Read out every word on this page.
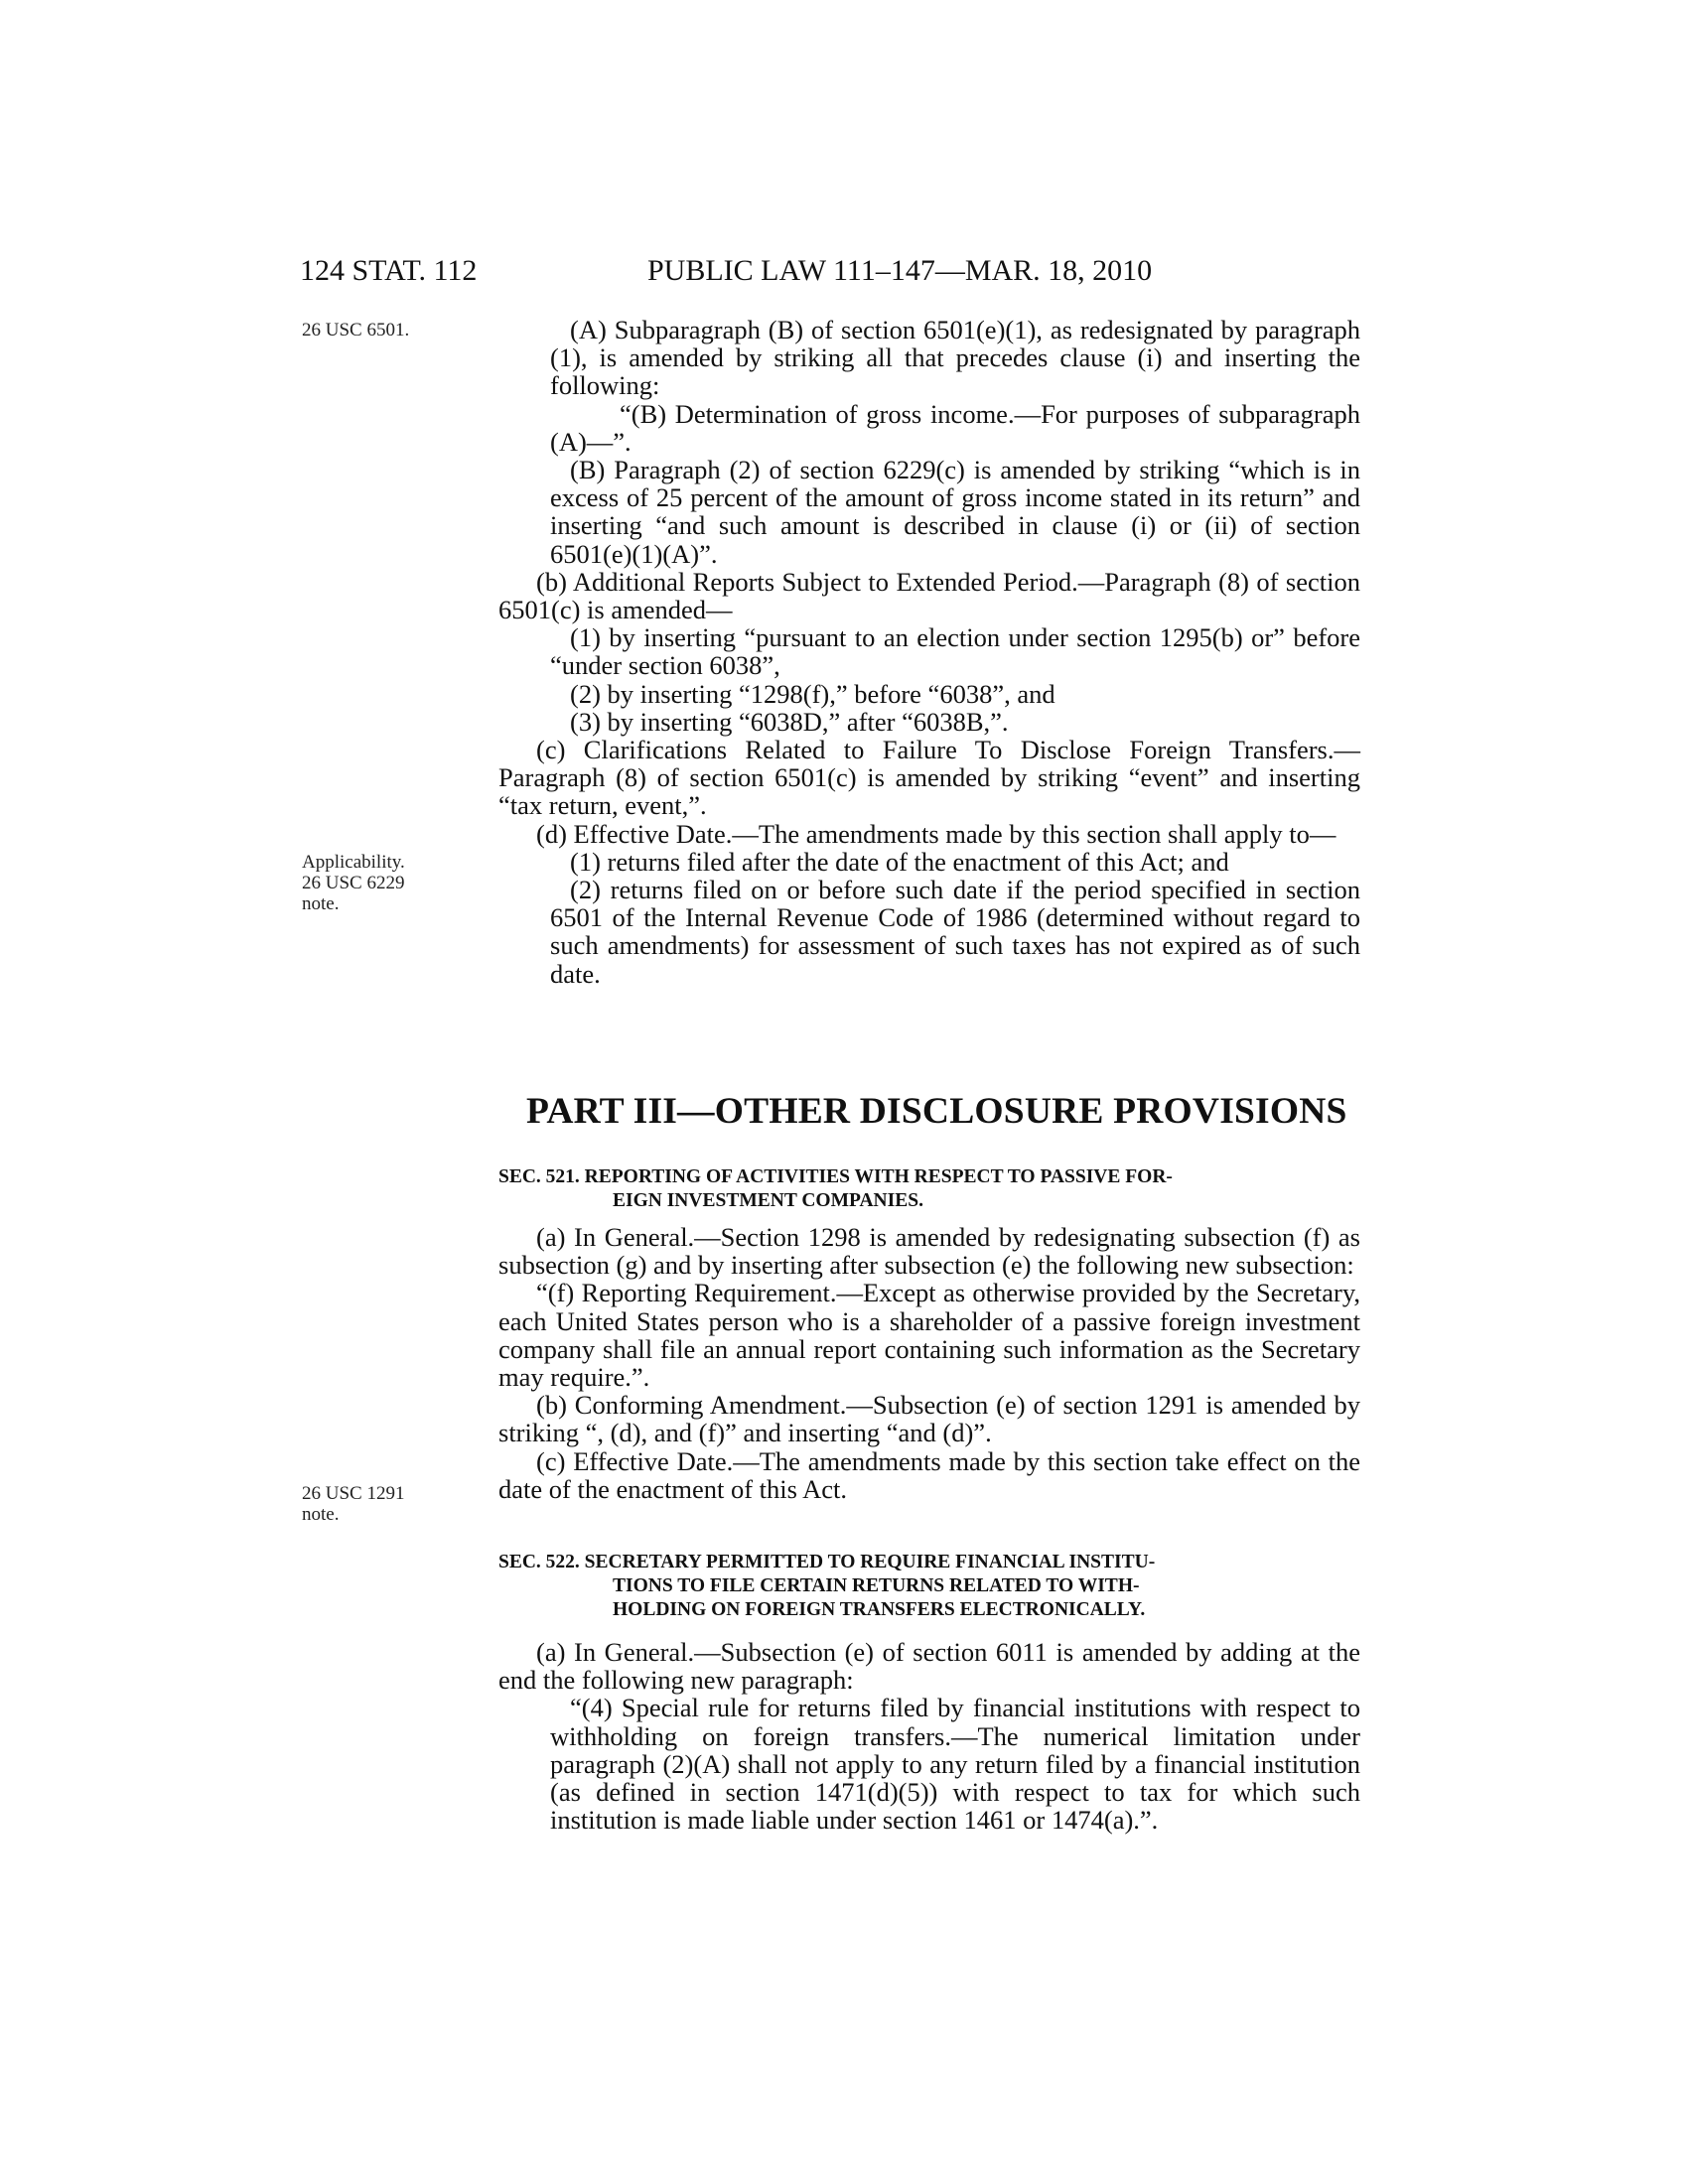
124 STAT. 112	PUBLIC LAW 111–147—MAR. 18, 2010
26 USC 6501.
Applicability.
26 USC 6229
note.
26 USC 1291
note.

(A) Subparagraph (B) of section 6501(e)(1), as redesignated by paragraph (1), is amended by striking all that precedes clause (i) and inserting the following:

“(B) Determination of gross income.—For purposes of subparagraph (A)—”.

(B) Paragraph (2) of section 6229(c) is amended by striking “which is in excess of 25 percent of the amount of gross income stated in its return” and inserting “and such amount is described in clause (i) or (ii) of section 6501(e)(1)(A)”.

(b) Additional Reports Subject to Extended Period.—Paragraph (8) of section 6501(c) is amended—

(1) by inserting “pursuant to an election under section 1295(b) or” before “under section 6038”,

(2) by inserting “1298(f),” before “6038”, and

(3) by inserting “6038D,” after “6038B,”.

(c) Clarifications Related to Failure To Disclose Foreign Transfers.—Paragraph (8) of section 6501(c) is amended by striking “event” and inserting “tax return, event,”.

(d) Effective Date.—The amendments made by this section shall apply to—

(1) returns filed after the date of the enactment of this Act; and

(2) returns filed on or before such date if the period specified in section 6501 of the Internal Revenue Code of 1986 (determined without regard to such amendments) for assessment of such taxes has not expired as of such date.

PART III—OTHER DISCLOSURE PROVISIONS
SEC. 521. REPORTING OF ACTIVITIES WITH RESPECT TO PASSIVE FOR-
EIGN INVESTMENT COMPANIES.

(a) In General.—Section 1298 is amended by redesignating subsection (f) as subsection (g) and by inserting after subsection (e) the following new subsection:

“(f) Reporting Requirement.—Except as otherwise provided by the Secretary, each United States person who is a shareholder of a passive foreign investment company shall file an annual report containing such information as the Secretary may require.”.

(b) Conforming Amendment.—Subsection (e) of section 1291 is amended by striking “, (d), and (f)” and inserting “and (d)”.

(c) Effective Date.—The amendments made by this section take effect on the date of the enactment of this Act.

SEC. 522. SECRETARY PERMITTED TO REQUIRE FINANCIAL INSTITU-
TIONS TO FILE CERTAIN RETURNS RELATED TO WITH-
HOLDING ON FOREIGN TRANSFERS ELECTRONICALLY.

(a) In General.—Subsection (e) of section 6011 is amended by adding at the end the following new paragraph:

“(4) Special rule for returns filed by financial institutions with respect to withholding on foreign transfers.—The numerical limitation under paragraph (2)(A) shall not apply to any return filed by a financial institution (as defined in section 1471(d)(5)) with respect to tax for which such institution is made liable under section 1461 or 1474(a).”.
